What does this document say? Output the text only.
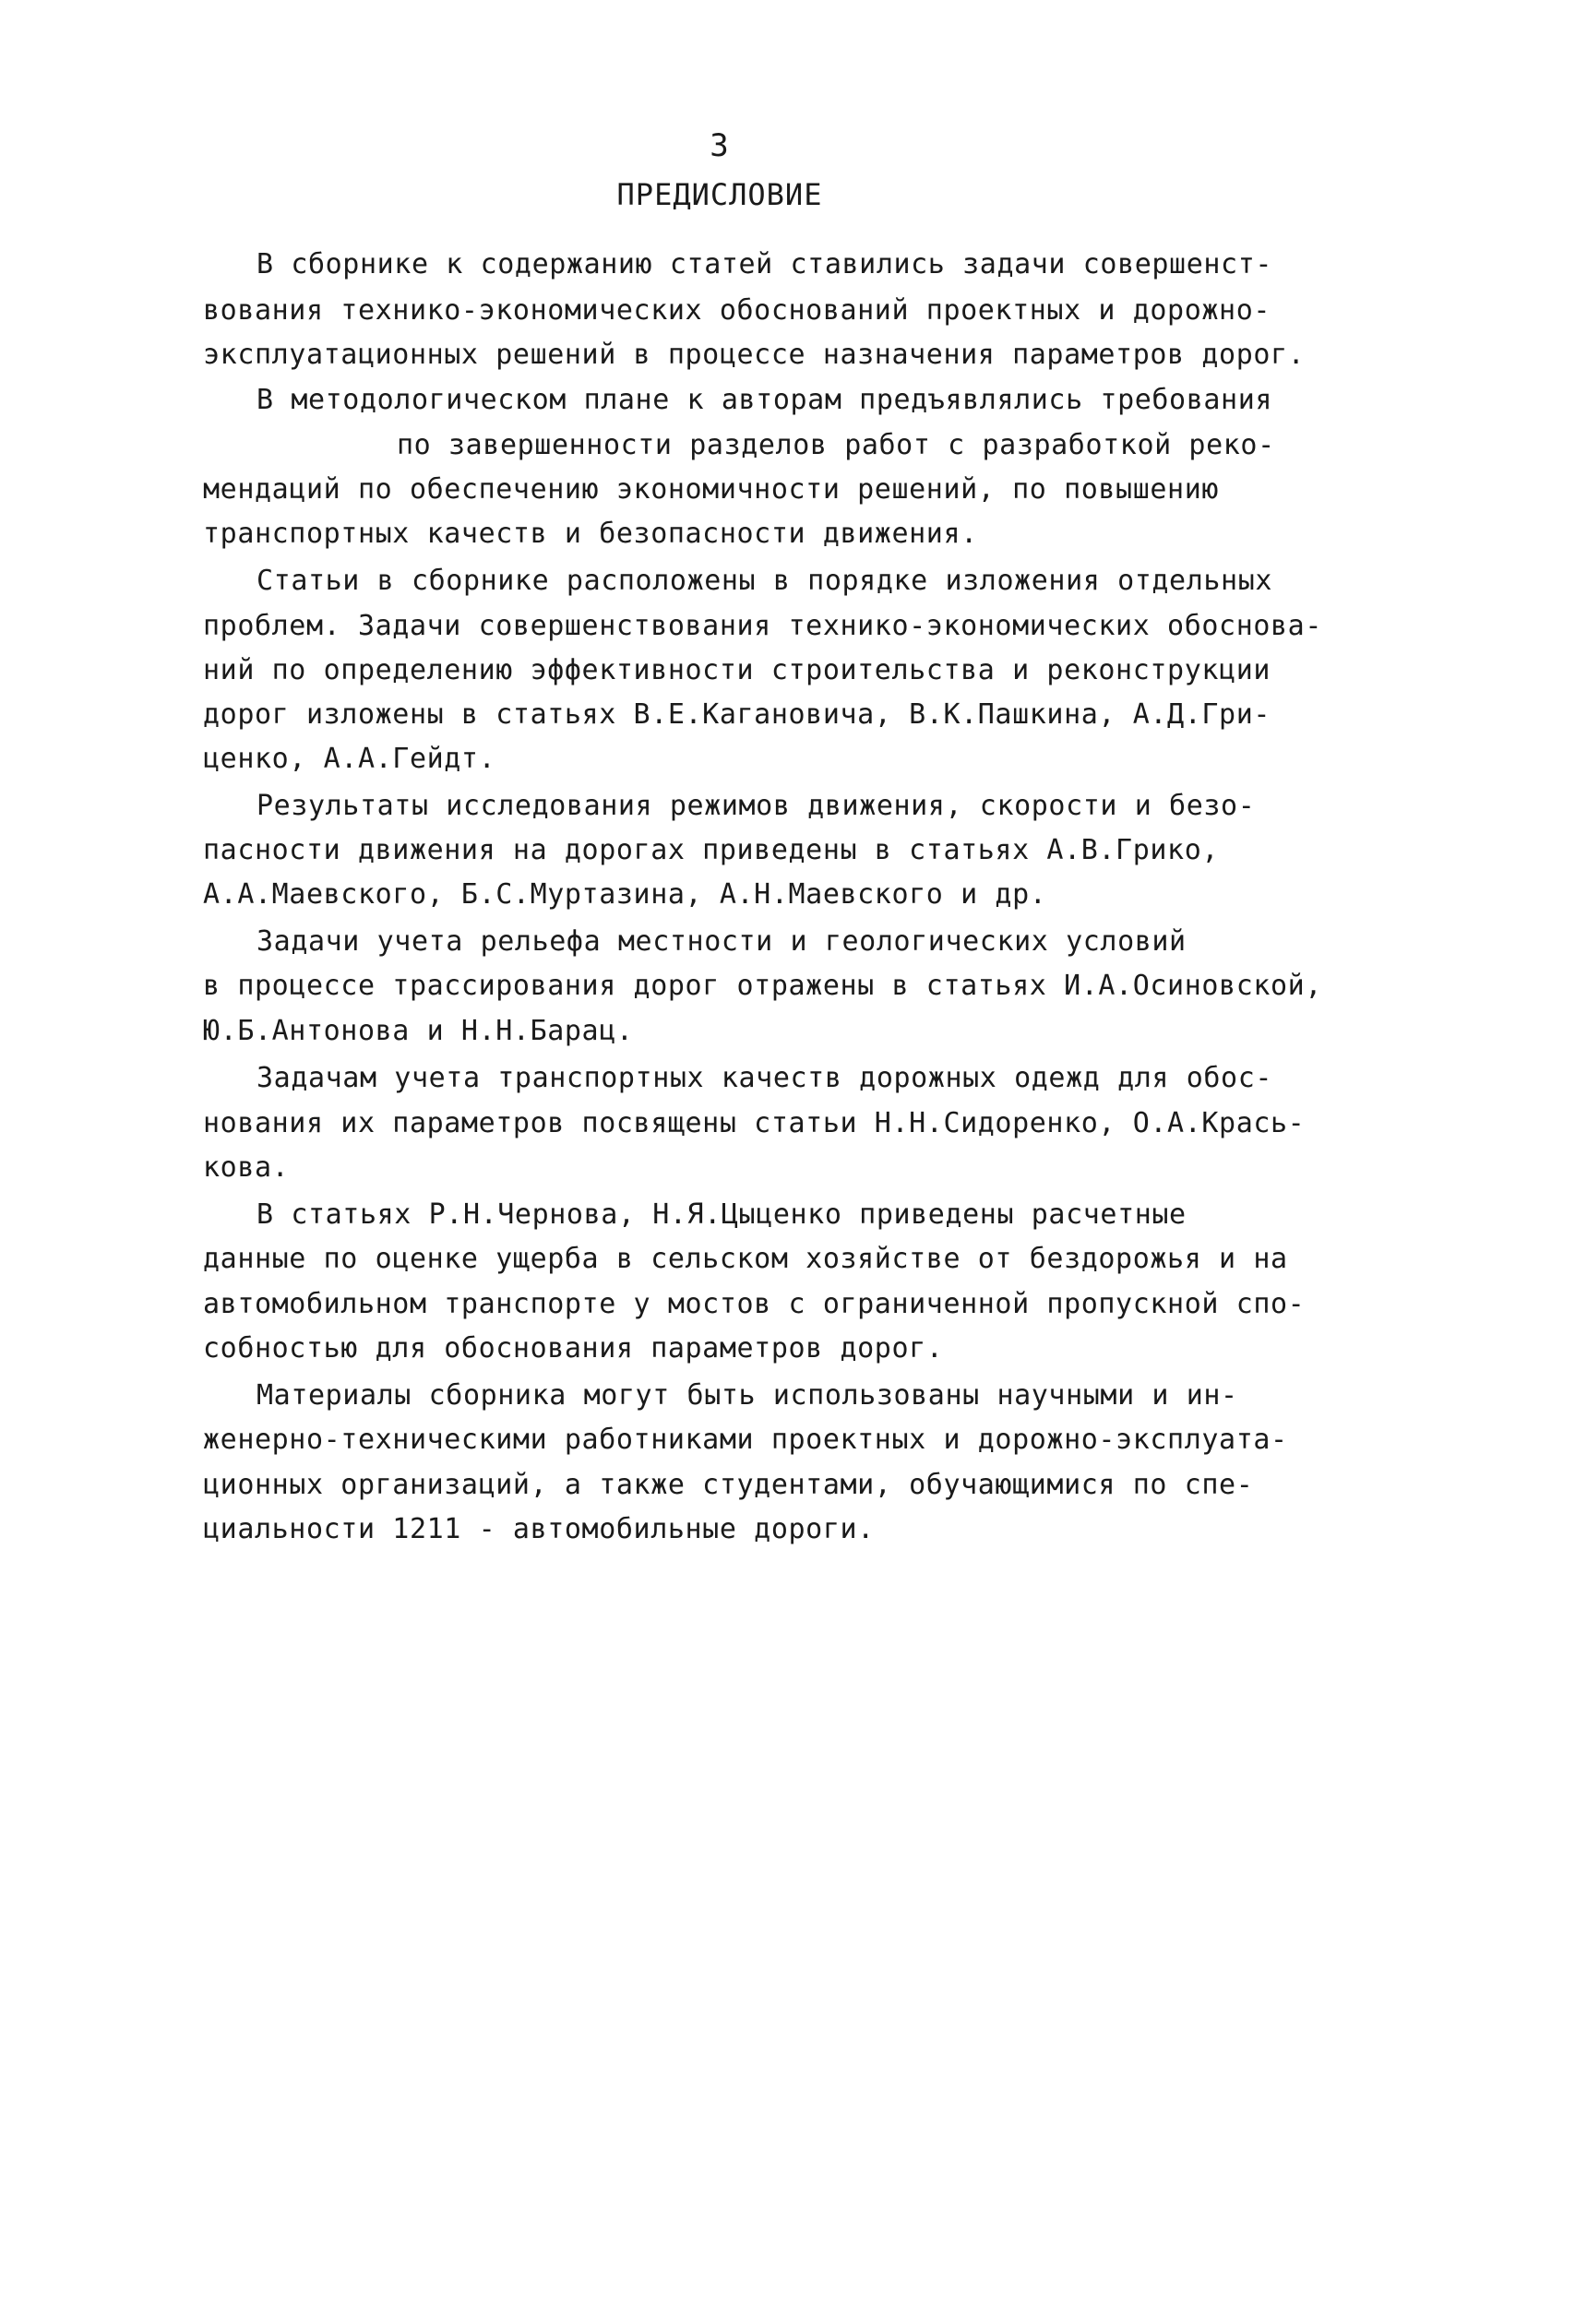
3
ПРЕДИСЛОВИЕ
В сборнике к содержанию статей ставились задачи совершенст-
вования технико-экономических обоснований проектных и дорожно-
эксплуатационных решений в процессе назначения параметров дорог.
В методологическом плане к авторам предъявлялись требования
по завершенности разделов работ с разработкой реко-
мендаций по обеспечению экономичности решений, по повышению
транспортных качеств и безопасности движения.
Статьи в сборнике расположены в порядке изложения отдельных
проблем. Задачи совершенствования технико-экономических обоснова-
ний по определению эффективности строительства и реконструкции
дорог изложены в статьях В.Е.Кагановича, В.К.Пашкина, А.Д.Гри-
ценко, А.А.Гейдт.
Результаты исследования режимов движения, скорости и безо-
пасности движения на дорогах приведены в статьях А.В.Грико,
А.А.Маевского, Б.С.Муртазина, А.Н.Маевского и др.
Задачи учета рельефа местности и геологических условий
в процессе трассирования дорог отражены в статьях И.А.Осиновской,
Ю.Б.Антонова и Н.Н.Барац.
Задачам учета транспортных качеств дорожных одежд для обос-
нования их параметров посвящены статьи Н.Н.Сидоренко, О.А.Крась-
кова.
В статьях Р.Н.Чернова, Н.Я.Цыценко приведены расчетные
данные по оценке ущерба в сельском хозяйстве от бездорожья и на
автомобильном транспорте у мостов с ограниченной пропускной спо-
собностью для обоснования параметров дорог.
Материалы сборника могут быть использованы научными и ин-
женерно-техническими работниками проектных и дорожно-эксплуата-
ционных организаций, а также студентами, обучающимися по спе-
циальности 1211 - автомобильные дороги.
